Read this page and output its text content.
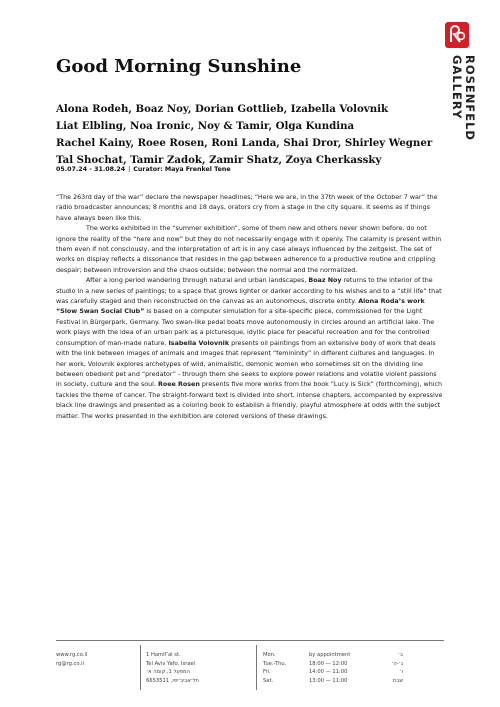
ROSENFELD
GALLERY
Good Morning Sunshine
Alona Rodeh, Boaz Noy, Dorian Gottlieb, Izabella Volovnik
Liat Elbling, Noa Ironic, Noy & Tamir, Olga Kundina
Rachel Kainy, Roee Rosen, Roni Landa, Shai Dror, Shirley Wegner
Tal Shochat, Tamir Zadok, Zamir Shatz, Zoya Cherkassky
05.07.24 - 31.08.24 | Curator: Maya Frenkel Tene

“The 263rd day of the war” declare the newspaper headlines; “Here we are, in the 37th week of the October 7 war” the radio broadcaster announces; 8 months and 18 days, orators cry from a stage in the city square. It seems as if things have always been like this.

The works exhibited in the “summer exhibition”, some of them new and others never shown before, do not ignore the reality of the “here and now” but they do not necessarily engage with it openly. The calamity is present within them even if not consciously, and the interpretation of art is in any case always influenced by the zeitgeist. The set of works on display reflects a dissonance that resides in the gap between adherence to a productive routine and crippling despair; between introversion and the chaos outside; between the normal and the normalized.

After a long period wandering through natural and urban landscapes, Boaz Noy returns to the interior of the studio in a new series of paintings; to a space that grows lighter or darker according to his wishes and to a “still life” that was carefully staged and then reconstructed on the canvas as an autonomous, discrete entity. Alona Roda’s work “Slow Swan Social Club” is based on a computer simulation for a site-specific piece, commissioned for the Light Festival in Bürgerpark, Germany. Two swan-like pedal boats move autonomously in circles around an artificial lake. The work plays with the idea of an urban park as a picturesque, idyllic place for peaceful recreation and for the controlled consumption of man-made nature. Isabella Volovnik presents oil paintings from an extensive body of work that deals with the link between images of animals and images that represent “femininity” in different cultures and languages. In her work, Volovnik explores archetypes of wild, animalistic, demonic women who sometimes sit on the dividing line between obedient pet and “predator” - through them she seeks to explore power relations and volatile violent passions in society, culture and the soul. Roee Rosen presents five more works from the book “Lucy is Sick” (forthcoming), which tackles the theme of cancer. The straight-forward text is divided into short, intense chapters, accompanied by expressive black line drawings and presented as a coloring book to establish a friendly, playful atmosphere at odds with the subject matter. The works presented in the exhibition are colored versions of these drawings.

www.rg.co.il
rg@rg.co.il
1 Hamif’al st.
Tel Aviv Yafo, Israel
המפעל 1, קומה א׳
תל־אביב־יפו, 6653511
Mon.	by appointment	ב׳
Tue.-Thu.	18:00 — 12:00	ג׳-ה׳
Fri.	14:00 — 11:00	ו׳
Sat.	13:00 — 11:00	שבת
